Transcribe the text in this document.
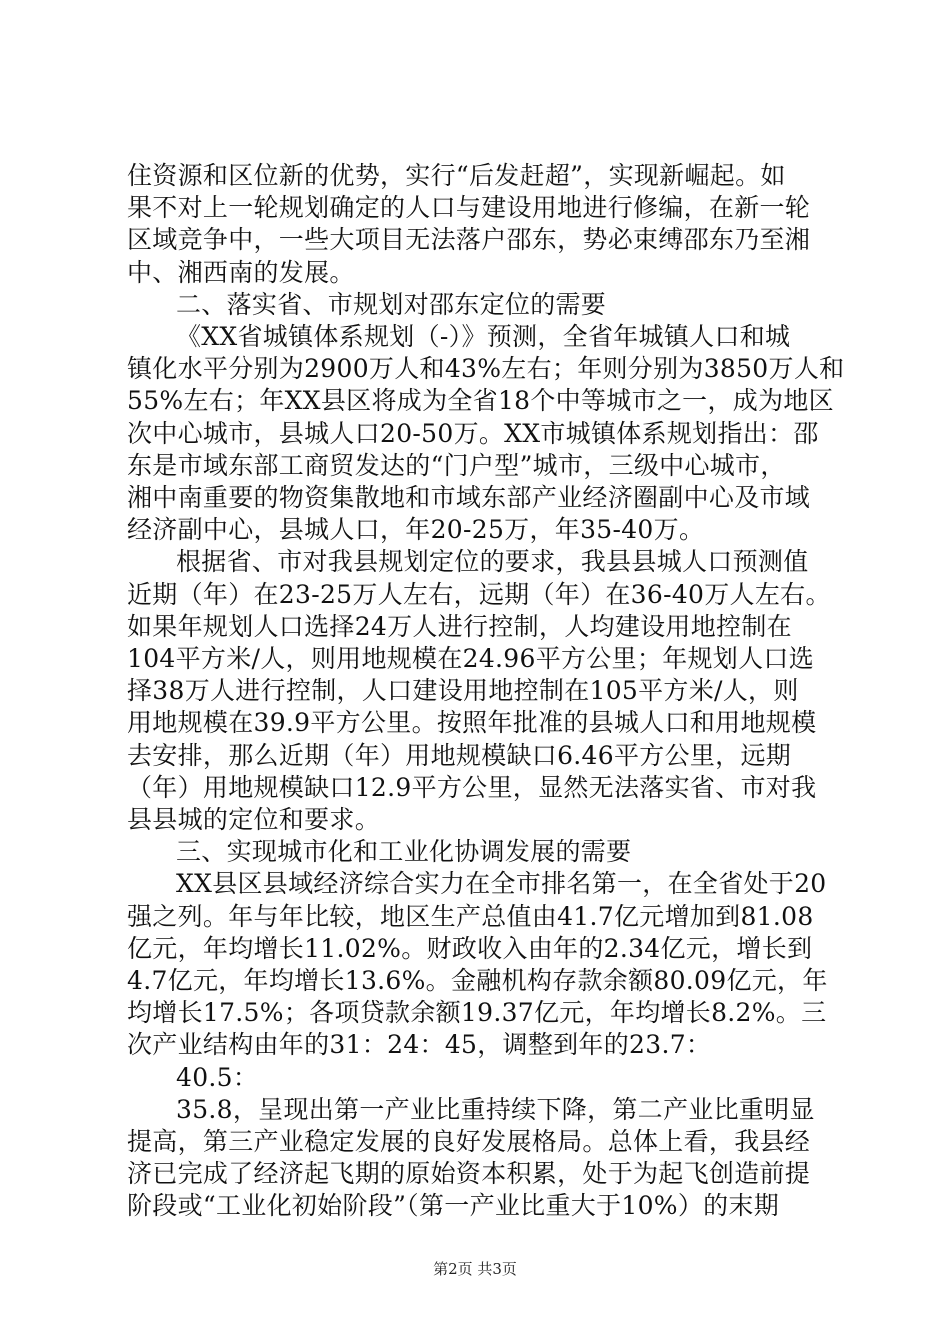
住资源和区位新的优势，实行“后发赶超”，实现新崛起。如
果不对上一轮规划确定的人口与建设用地进行修编，在新一轮
区域竞争中，一些大项目无法落户邵东，势必束缚邵东乃至湘
中、湘西南的发展。
二、落实省、市规划对邵东定位的需要
《XX省城镇体系规划（-）》预测，全省年城镇人口和城
镇化水平分别为2900万人和43%左右；年则分别为3850万人和
55%左右；年XX县区将成为全省18个中等城市之一，成为地区
次中心城市，县城人口20-50万。XX市城镇体系规划指出：邵
东是市域东部工商贸发达的“门户型”城市，三级中心城市，
湘中南重要的物资集散地和市域东部产业经济圈副中心及市域
经济副中心，县城人口，年20-25万，年35-40万。
根据省、市对我县规划定位的要求，我县县城人口预测值
近期（年）在23-25万人左右，远期（年）在36-40万人左右。
如果年规划人口选择24万人进行控制，人均建设用地控制在
104平方米/人，则用地规模在24.96平方公里；年规划人口选
择38万人进行控制，人口建设用地控制在105平方米/人，则
用地规模在39.9平方公里。按照年批准的县城人口和用地规模
去安排，那么近期（年）用地规模缺口6.46平方公里，远期
（年）用地规模缺口12.9平方公里，显然无法落实省、市对我
县县城的定位和要求。
三、实现城市化和工业化协调发展的需要
XX县区县域经济综合实力在全市排名第一，在全省处于20
强之列。年与年比较，地区生产总值由41.7亿元增加到81.08
亿元，年均增长11.02%。财政收入由年的2.34亿元，增长到
4.7亿元，年均增长13.6%。金融机构存款余额80.09亿元，年
均增长17.5%；各项贷款余额19.37亿元，年均增长8.2%。三
次产业结构由年的31：24：45，调整到年的23.7：
40.5：
35.8，呈现出第一产业比重持续下降，第二产业比重明显
提高，第三产业稳定发展的良好发展格局。总体上看，我县经
济已完成了经济起飞期的原始资本积累，处于为起飞创造前提
阶段或“工业化初始阶段”（第一产业比重大于10%）的末期
第2页 共3页
